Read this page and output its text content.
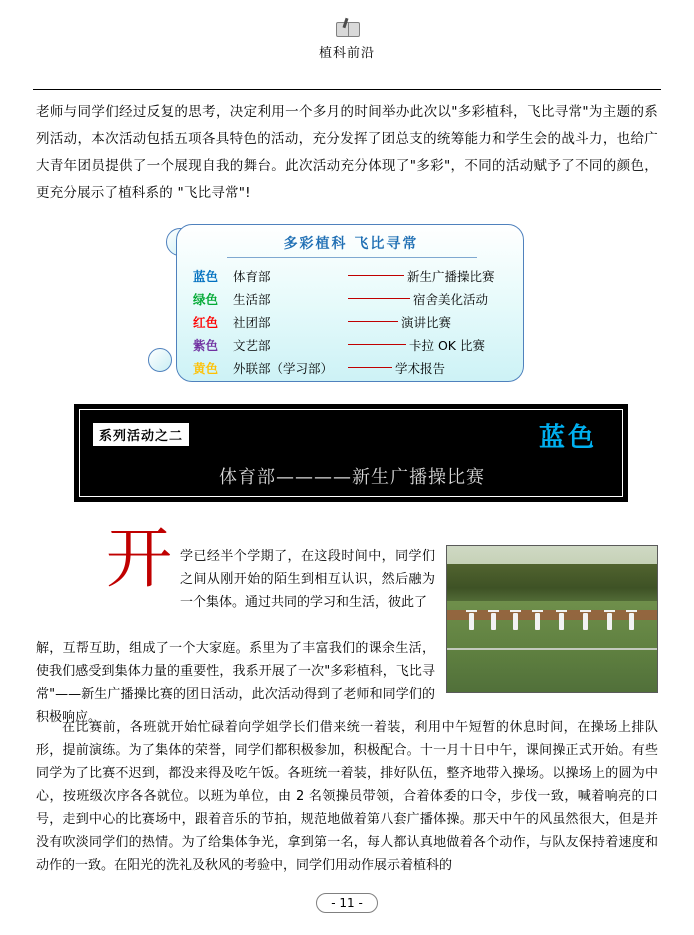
植科前沿
老师与同学们经过反复的思考，决定利用一个多月的时间举办此次以"多彩植科，飞比寻常"为主题的系列活动，本次活动包括五项各具特色的活动，充分发挥了团总支的统筹能力和学生会的战斗力，也给广大青年团员提供了一个展现自我的舞台。此次活动充分体现了"多彩"，不同的活动赋予了不同的颜色，更充分展示了植科系的 "飞比寻常"!
多彩植科 飞比寻常
蓝色	体育部	新生广播操比赛
绿色	生活部	宿舍美化活动
红色	社团部	演讲比赛
紫色	文艺部	卡拉 OK 比赛
黄色	外联部（学习部）	学术报告
系列活动之二	蓝色
体育部————新生广播操比赛
开 学已经半个学期了，在这段时间中，同学们之间从刚开始的陌生到相互认识，然后融为一个集体。通过共同的学习和生活，彼此了
解，互帮互助，组成了一个大家庭。系里为了丰富我们的课余生活，使我们感受到集体力量的重要性，我系开展了一次"多彩植科，飞比寻常"——新生广播操比赛的团日活动，此次活动得到了老师和同学们的积极响应。
在比赛前，各班就开始忙碌着向学姐学长们借来统一着装，利用中午短暂的休息时间，在操场上排队形，提前演练。为了集体的荣誉，同学们都积极参加，积极配合。十一月十日中午，课间操正式开始。有些同学为了比赛不迟到，都没来得及吃午饭。各班统一着装，排好队伍，整齐地带入操场。以操场上的圆为中心，按班级次序各各就位。以班为单位，由 2 名领操员带领，合着体委的口令，步伐一致，喊着响亮的口号，走到中心的比赛场中，跟着音乐的节拍，规范地做着第八套广播体操。那天中午的风虽然很大，但是并没有吹淡同学们的热情。为了给集体争光，拿到第一名，每人都认真地做着各个动作，与队友保持着速度和动作的一致。在阳光的洗礼及秋风的考验中，同学们用动作展示着植科的
- 11 -
